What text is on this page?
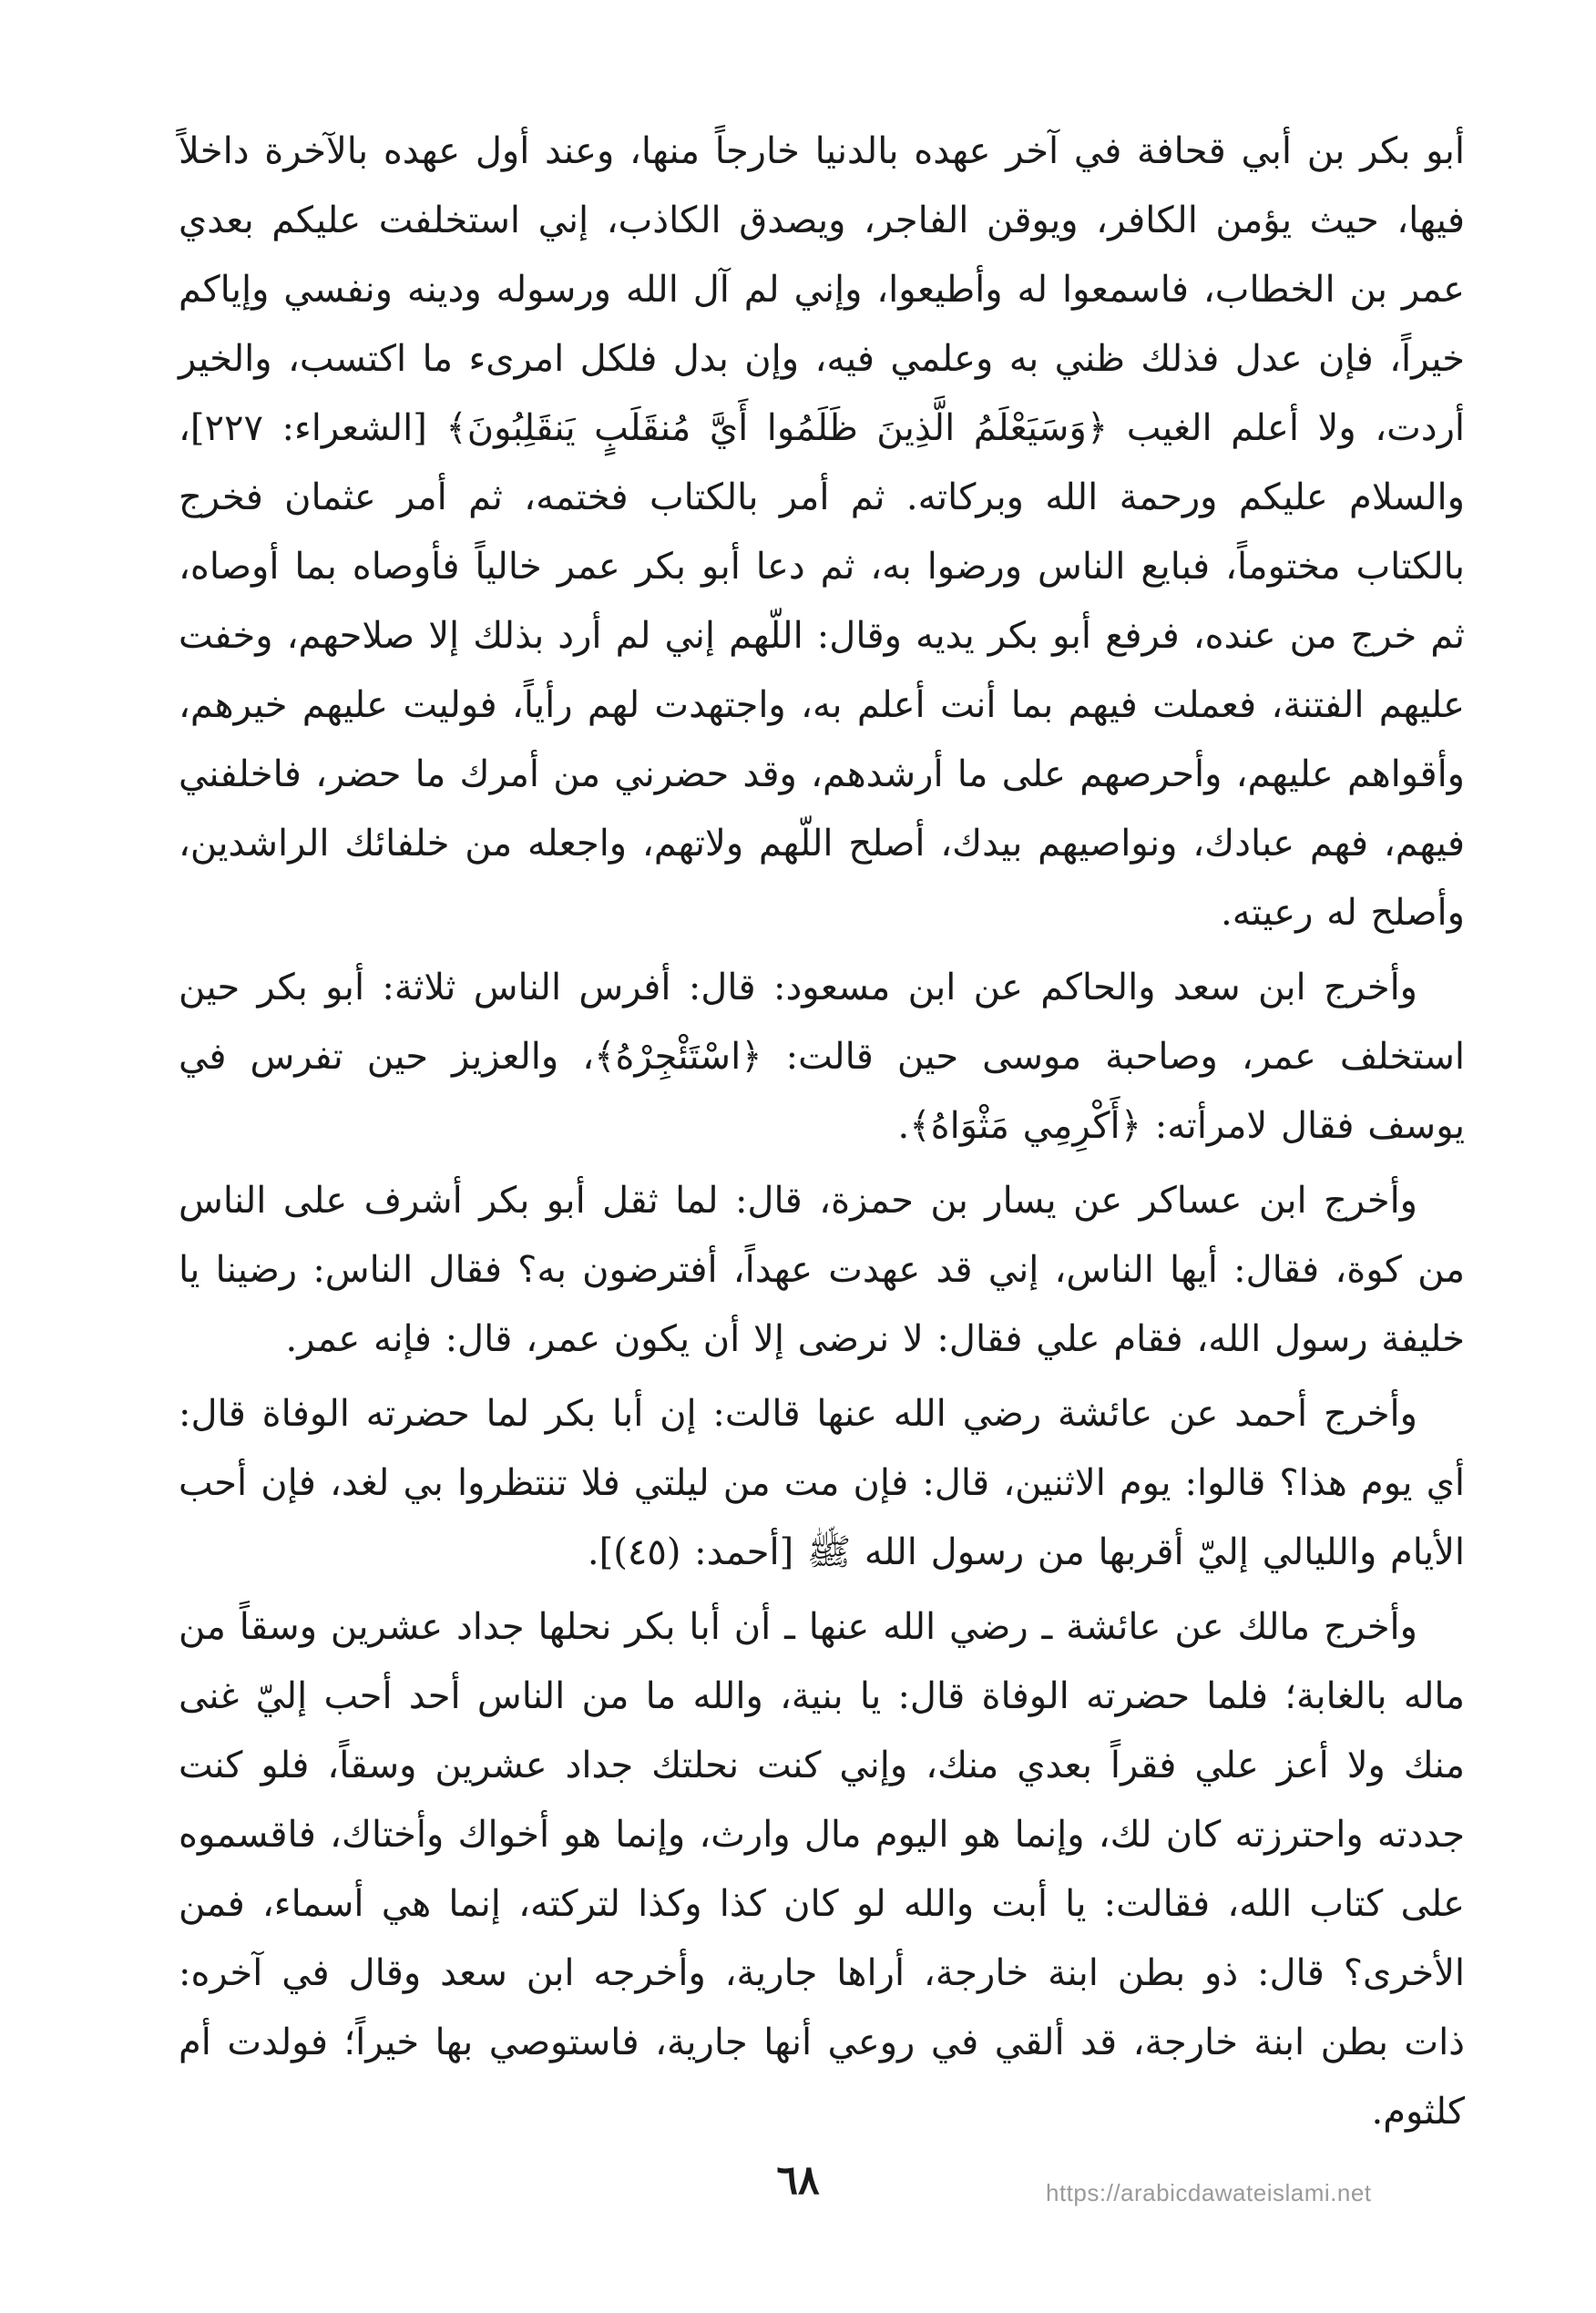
أبو بكر بن أبي قحافة في آخر عهده بالدنيا خارجاً منها، وعند أول عهده بالآخرة داخلاً فيها، حيث يؤمن الكافر، ويوقن الفاجر، ويصدق الكاذب، إني استخلفت عليكم بعدي عمر بن الخطاب، فاسمعوا له وأطيعوا، وإني لم آل الله ورسوله ودينه ونفسي وإياكم خيراً، فإن عدل فذلك ظني به وعلمي فيه، وإن بدل فلكل امرىء ما اكتسب، والخير أردت، ولا أعلم الغيب ﴿وَسَيَعْلَمُ الَّذِينَ ظَلَمُوا أَيَّ مُنقَلَبٍ يَنقَلِبُونَ﴾ [الشعراء: ٢٢٧]، والسلام عليكم ورحمة الله وبركاته. ثم أمر بالكتاب فختمه، ثم أمر عثمان فخرج بالكتاب مختوماً، فبايع الناس ورضوا به، ثم دعا أبو بكر عمر خالياً فأوصاه بما أوصاه، ثم خرج من عنده، فرفع أبو بكر يديه وقال: اللّهم إني لم أرد بذلك إلا صلاحهم، وخفت عليهم الفتنة، فعملت فيهم بما أنت أعلم به، واجتهدت لهم رأياً، فوليت عليهم خيرهم، وأقواهم عليهم، وأحرصهم على ما أرشدهم، وقد حضرني من أمرك ما حضر، فاخلفني فيهم، فهم عبادك، ونواصيهم بيدك، أصلح اللّهم ولاتهم، واجعله من خلفائك الراشدين، وأصلح له رعيته.

وأخرج ابن سعد والحاكم عن ابن مسعود: قال: أفرس الناس ثلاثة: أبو بكر حين استخلف عمر، وصاحبة موسى حين قالت: ﴿اسْتَئْجِرْهُ﴾، والعزيز حين تفرس في يوسف فقال لامرأته: ﴿أَكْرِمِي مَثْوَاهُ﴾.

وأخرج ابن عساكر عن يسار بن حمزة، قال: لما ثقل أبو بكر أشرف على الناس من كوة، فقال: أيها الناس، إني قد عهدت عهداً، أفترضون به؟ فقال الناس: رضينا يا خليفة رسول الله، فقام علي فقال: لا نرضى إلا أن يكون عمر، قال: فإنه عمر.

وأخرج أحمد عن عائشة رضي الله عنها قالت: إن أبا بكر لما حضرته الوفاة قال: أي يوم هذا؟ قالوا: يوم الاثنين، قال: فإن مت من ليلتي فلا تنتظروا بي لغد، فإن أحب الأيام والليالي إليّ أقربها من رسول الله ﷺ [أحمد: (٤٥)].

وأخرج مالك عن عائشة ـ رضي الله عنها ـ أن أبا بكر نحلها جداد عشرين وسقاً من ماله بالغابة؛ فلما حضرته الوفاة قال: يا بنية، والله ما من الناس أحد أحب إليّ غنى منك ولا أعز علي فقراً بعدي منك، وإني كنت نحلتك جداد عشرين وسقاً، فلو كنت جددته واحترزته كان لك، وإنما هو اليوم مال وارث، وإنما هو أخواك وأختاك، فاقسموه على كتاب الله، فقالت: يا أبت والله لو كان كذا وكذا لتركته، إنما هي أسماء، فمن الأخرى؟ قال: ذو بطن ابنة خارجة، أراها جارية، وأخرجه ابن سعد وقال في آخره: ذات بطن ابنة خارجة، قد ألقي في روعي أنها جارية، فاستوصي بها خيراً؛ فولدت أم كلثوم.

٦٨	https://arabicdawateislami.net
